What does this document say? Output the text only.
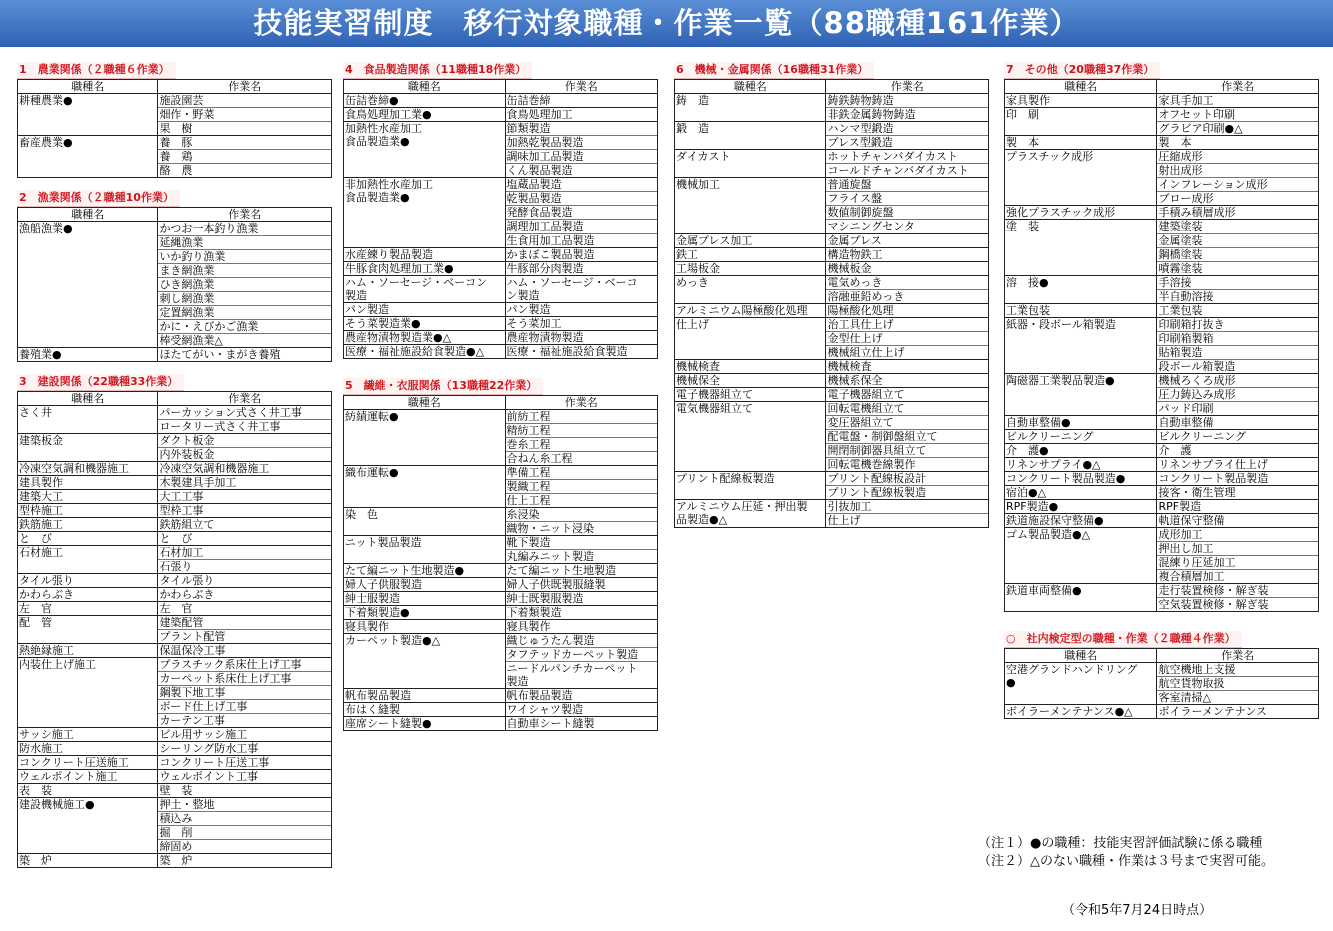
技能実習制度　移行対象職種・作業一覧（88職種161作業）
1　農業関係（２職種６作業）
職種名	作業名
耕種農業●	施設園芸
	畑作・野菜
	果　樹
畜産農業●	養　豚
	養　鶏
	酪　農
2　漁業関係（２職種10作業）
職種名	作業名
漁船漁業●	かつお一本釣り漁業
	延縄漁業
	いか釣り漁業
	まき網漁業
	ひき網漁業
	刺し網漁業
	定置網漁業
	かに・えびかご漁業
	棒受網漁業△
養殖業●	ほたてがい・まがき養殖
3　建設関係（22職種33作業）
職種名	作業名
さく井	パーカッション式さく井工事
	ロータリー式さく井工事
建築板金	ダクト板金
	内外装板金
冷凍空気調和機器施工	冷凍空気調和機器施工
建具製作	木製建具手加工
建築大工	大工工事
型枠施工	型枠工事
鉄筋施工	鉄筋組立て
と　び	と　び
石材施工	石材加工
	石張り
タイル張り	タイル張り
かわらぶき	かわらぶき
左　官	左　官
配　管	建築配管
	プラント配管
熱絶縁施工	保温保冷工事
内装仕上げ施工	プラスチック系床仕上げ工事
	カーペット系床仕上げ工事
	鋼製下地工事
	ボード仕上げ工事
	カーテン工事
サッシ施工	ビル用サッシ施工
防水施工	シーリング防水工事
コンクリート圧送施工	コンクリート圧送工事
ウェルポイント施工	ウェルポイント工事
表　装	壁　装
建設機械施工●	押土・整地
	積込み
	掘　削
	締固め
築　炉	築　炉
4　食品製造関係（11職種18作業）
職種名	作業名
缶詰巻締●	缶詰巻締
食鳥処理加工業●	食鳥処理加工
加熱性水産加工
食品製造業●	節類製造
	加熱乾製品製造
	調味加工品製造
	くん製品製造
非加熱性水産加工
食品製造業●	塩蔵品製造
	乾製品製造
	発酵食品製造
	調理加工品製造
	生食用加工品製造
水産練り製品製造	かまぼこ製品製造
牛豚食肉処理加工業●	牛豚部分肉製造
ハム・ソーセージ・ベーコン
製造	ハム・ソーセージ・ベーコ
ン製造
パン製造	パン製造
そう菜製造業●	そう菜加工
農産物漬物製造業●△	農産物漬物製造
医療・福祉施設給食製造●△	医療・福祉施設給食製造
5　繊維・衣服関係（13職種22作業）
職種名	作業名
紡績運転●	前紡工程
	精紡工程
	巻糸工程
	合ねん糸工程
織布運転●	準備工程
	製織工程
	仕上工程
染　色	糸浸染
	織物・ニット浸染
ニット製品製造	靴下製造
	丸編みニット製造
たて編ニット生地製造●	たて編ニット生地製造
婦人子供服製造	婦人子供既製服縫製
紳士服製造	紳士既製服製造
下着類製造●	下着類製造
寝具製作	寝具製作
カーペット製造●△	織じゅうたん製造
	タフテッドカーペット製造
	ニードルパンチカーペット
製造
帆布製品製造	帆布製品製造
布はく縫製	ワイシャツ製造
座席シート縫製●	自動車シート縫製
6　機械・金属関係（16職種31作業）
職種名	作業名
鋳　造	鋳鉄鋳物鋳造
	非鉄金属鋳物鋳造
鍛　造	ハンマ型鍛造
	プレス型鍛造
ダイカスト	ホットチャンバダイカスト
	コールドチャンバダイカスト
機械加工	普通旋盤
	フライス盤
	数値制御旋盤
	マシニングセンタ
金属プレス加工	金属プレス
鉄工	構造物鉄工
工場板金	機械板金
めっき	電気めっき
	溶融亜鉛めっき
アルミニウム陽極酸化処理	陽極酸化処理
仕上げ	治工具仕上げ
	金型仕上げ
	機械組立仕上げ
機械検査	機械検査
機械保全	機械系保全
電子機器組立て	電子機器組立て
電気機器組立て	回転電機組立て
	変圧器組立て
	配電盤・制御盤組立て
	開閉制御器具組立て
	回転電機巻線製作
プリント配線板製造	プリント配線板設計
	プリント配線板製造
アルミニウム圧延・押出製
品製造●△	引抜加工
	仕上げ
7　その他（20職種37作業）
職種名	作業名
家具製作	家具手加工
印　刷	オフセット印刷
	グラビア印刷●△
製　本	製　本
プラスチック成形	圧縮成形
	射出成形
	インフレーション成形
	ブロー成形
強化プラスチック成形	手積み積層成形
塗　装	建築塗装
	金属塗装
	鋼橋塗装
	噴霧塗装
溶　接●	手溶接
	半自動溶接
工業包装	工業包装
紙器・段ボール箱製造	印刷箱打抜き
	印刷箱製箱
	貼箱製造
	段ボール箱製造
陶磁器工業製品製造●	機械ろくろ成形
	圧力鋳込み成形
	パッド印刷
自動車整備●	自動車整備
ビルクリーニング	ビルクリーニング
介　護●	介　護
リネンサプライ●△	リネンサプライ仕上げ
コンクリート製品製造●	コンクリート製品製造
宿泊●△	接客・衛生管理
RPF製造●	RPF製造
鉄道施設保守整備●	軌道保守整備
ゴム製品製造●△	成形加工
	押出し加工
	混練り圧延加工
	複合積層加工
鉄道車両整備●	走行装置検修・解ぎ装
	空気装置検修・解ぎ装
○　社内検定型の職種・作業（２職種４作業）
職種名	作業名
空港グランドハンドリング
●	航空機地上支援
	航空貨物取扱
	客室清掃△
ボイラーメンテナンス●△	ボイラーメンテナンス
（注１）●の職種：技能実習評価試験に係る職種
（注２）△のない職種・作業は３号まで実習可能。
（令和5年7月24日時点）
